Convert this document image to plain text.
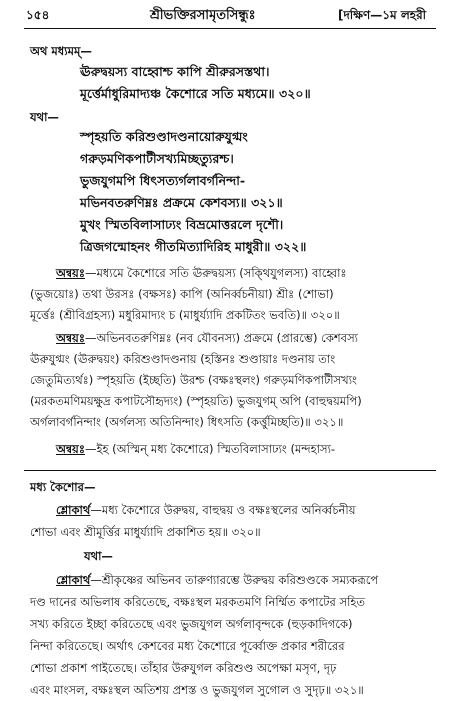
১৫৪	শ্রীভক্তিরসামৃতসিন্ধুঃ	[দক্ষিণ—১ম লহরী
অথ মধ্যমম্—
ঊরুদ্বয়স্য বাহ্বোশ্চ কাপি শ্রীরুরসস্তথা।
মূর্ত্তের্মাধুরিমাদ্যঞ্চ কৈশোরে সতি মধ্যমে॥ ৩২০॥
যথা—
স্পৃহয়তি করিশুণ্ডাদণ্ডনায়োরুযুগ্মং
গরুড়মণিকপাটীসখ্যমিচ্ছত্যুরশ্চ।
ভুজযুগমপি ধিৎসত্যর্গলাবর্গনিন্দা-
মভিনবতরুণিম্নঃ প্রক্রমে কেশবস্য॥ ৩২১॥
মুখং স্মিতবিলাসাঢ্যং বিভ্রমোত্তরলে দৃশৌ।
ত্রিজগন্মোহনং গীতমিত্যাদিরিহ মাধুরী॥ ৩২২॥
অন্বয়ঃ—মধ্যমে কৈশোরে সতি ঊরুদ্বয়স্য (সক্থিযুগলস্য) বাহ্বোঃ
(ভুজয়োঃ) তথা উরসঃ (বক্ষসঃ) কাপি (অনির্ব্বচনীয়া) শ্রীঃ (শোভা)
মূর্ত্তেঃ (শ্রীবিগ্রহস্য) মধুরিমাদ্যং চ (মাধুর্য্যাদি প্রকটিতং ভবতি)॥ ৩২০॥
অন্বয়ঃ—অভিনবতরুণিম্নঃ (নব যৌবনস্য) প্রক্রমে (প্রারম্ভে) কেশবস্য
ঊরুযুগ্মং (ঊরুদ্বয়ং) করিশুণ্ডাদণ্ডনায় (হস্তিনঃ শুণ্ডায়াঃ দণ্ডনায় তাং
জেতুমিত্যর্থঃ) স্পৃহয়তি (ইচ্ছতি) উরশ্চ (বক্ষঃস্থলং) গরুড়মণিকপাটীসখ্যং
(মরকতমণিময়ক্ষুদ্র কপাটসৌহৃদ্যং) (স্পৃহয়তি) ভুজযুগম্ অপি (বাহুদ্বয়মপি)
অর্গলাবর্গনিন্দাং (অর্গলস্য অতিনিন্দাং) ধিৎসতি (কর্ত্তুমিচ্ছতি)॥ ৩২১॥
অন্বয়ঃ—ইহ (অস্মিন্ মধ্য কৈশোরে) স্মিতবিলাসাঢ্যং (মন্দহাস্য-
মধ্য কৈশোর—
শ্লোকার্থ—মধ্য কৈশোরে উরুদ্বয়, বাহুদ্বয় ও বক্ষঃস্থলের অনির্ব্বচনীয়
শোভা এবং শ্রীমূর্ত্তির মাধুর্য্যাদি প্রকাশিত হয়॥ ৩২০॥
যথা—
শ্লোকার্থ—শ্রীকৃষ্ণের অভিনব তারুণ্যারম্ভে উরুদ্বয় করিশুণ্ডকে সম্যকরূপে
দণ্ড দানের অভিলাষ করিতেছে, বক্ষঃস্থল মরকতমণি নির্ম্মিত কপাটের সহিত
সখ্য করিতে ইচ্ছা করিতেছে এবং ভুজযুগল অর্গলাবৃন্দকে (হুড়কাদিগকে)
নিন্দা করিতেছে। অর্থাৎ কেশবের মধ্য কৈশোরে পূর্ব্বোক্ত প্রকার শরীরের
শোভা প্রকাশ পাইতেছে। তাঁহার উরুযুগল করিশুণ্ড অপেক্ষা মসৃণ, দৃঢ়
এবং মাংসল, বক্ষঃস্থল অতিশয় প্রশস্ত ও ভুজযুগল সুগোল ও সুদৃঢ়॥ ৩২১॥
